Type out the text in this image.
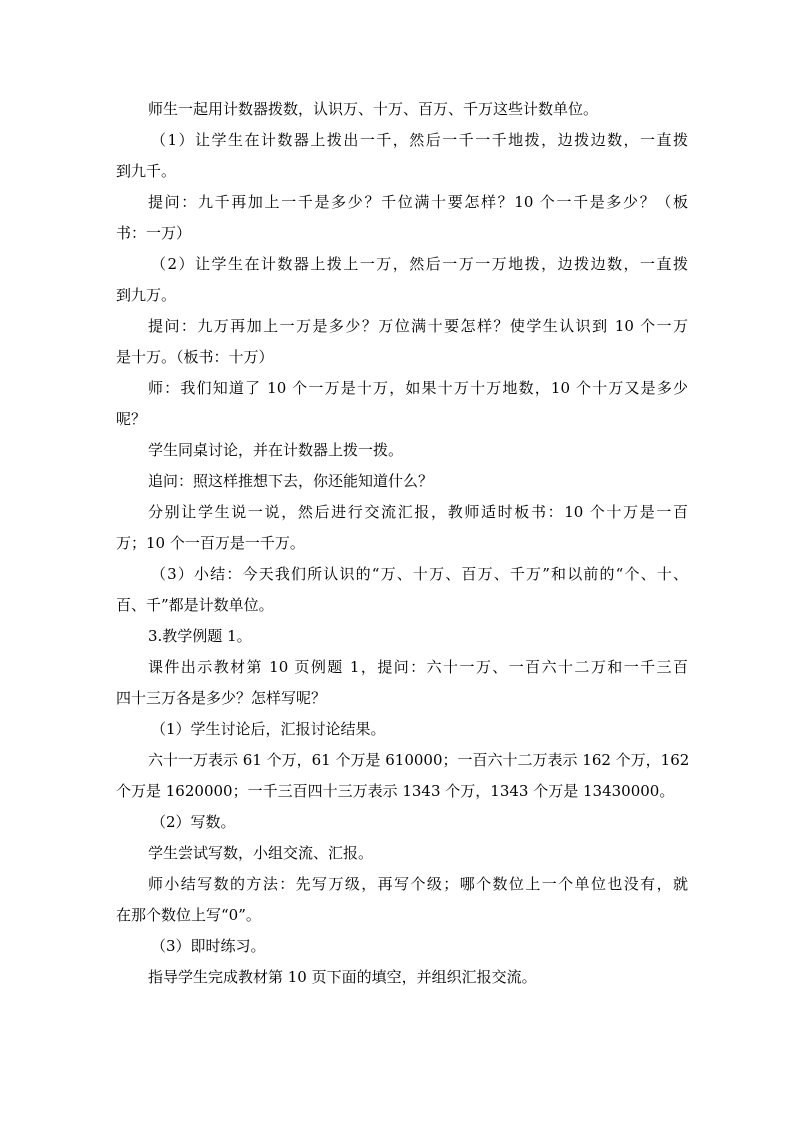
师生一起用计数器拨数，认识万、十万、百万、千万这些计数单位。
（1）让学生在计数器上拨出一千，然后一千一千地拨，边拨边数，一直拨
到九千。
提问：九千再加上一千是多少？千位满十要怎样？10 个一千是多少？（板
书：一万）
（2）让学生在计数器上拨上一万，然后一万一万地拨，边拨边数，一直拨
到九万。
提问：九万再加上一万是多少？万位满十要怎样？使学生认识到 10 个一万
是十万。（板书：十万）
师：我们知道了 10 个一万是十万，如果十万十万地数，10 个十万又是多少
呢？
学生同桌讨论，并在计数器上拨一拨。
追问：照这样推想下去，你还能知道什么？
分别让学生说一说，然后进行交流汇报，教师适时板书：10 个十万是一百
万；10 个一百万是一千万。
（3）小结：今天我们所认识的“万、十万、百万、千万”和以前的“个、十、
百、千”都是计数单位。
3.教学例题 1。
课件出示教材第 10 页例题 1，提问：六十一万、一百六十二万和一千三百
四十三万各是多少？怎样写呢？
（1）学生讨论后，汇报讨论结果。
六十一万表示 61 个万，61 个万是 610000；一百六十二万表示 162 个万，162
个万是 1620000；一千三百四十三万表示 1343 个万，1343 个万是 13430000。
（2）写数。
学生尝试写数，小组交流、汇报。
师小结写数的方法：先写万级，再写个级；哪个数位上一个单位也没有，就
在那个数位上写“0”。
（3）即时练习。
指导学生完成教材第 10 页下面的填空，并组织汇报交流。
